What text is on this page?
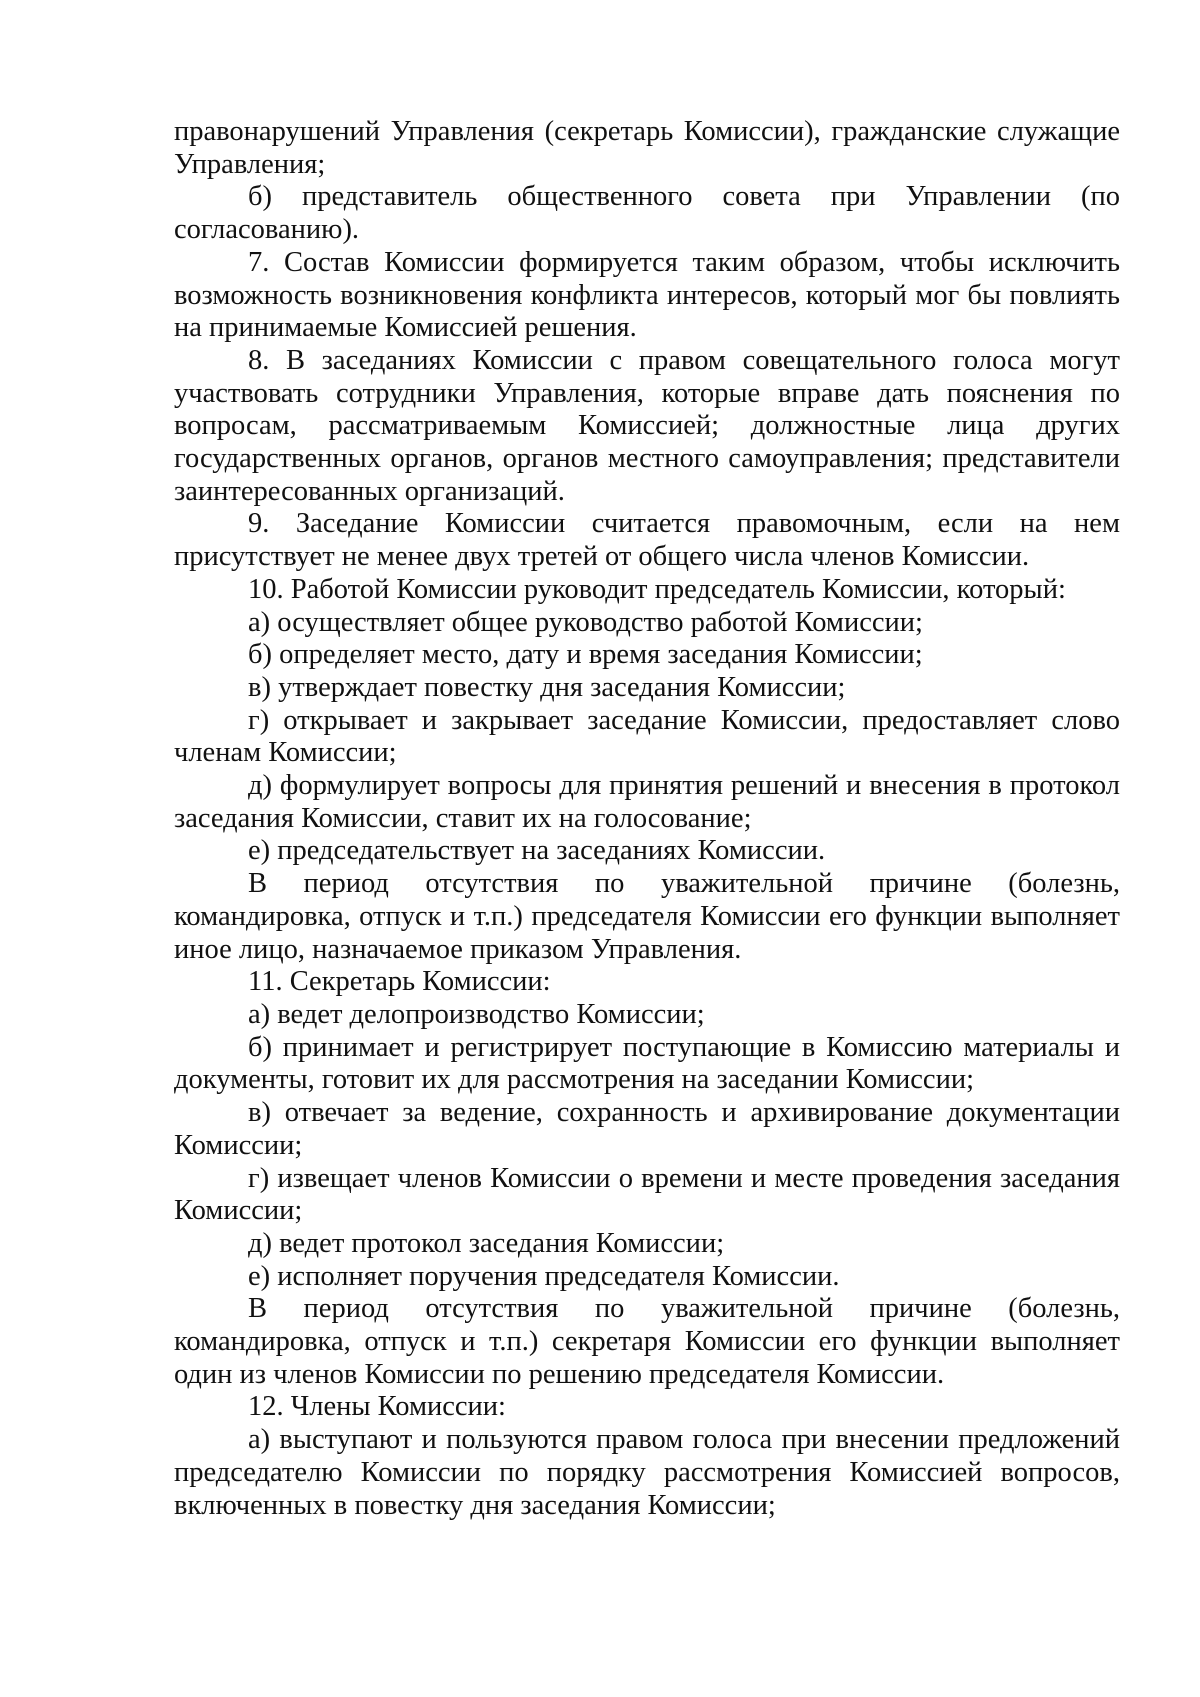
правонарушений Управления (секретарь Комиссии), гражданские служащие Управления;

б) представитель общественного совета при Управлении (по согласованию).

7. Состав Комиссии формируется таким образом, чтобы исключить возможность возникновения конфликта интересов, который мог бы повлиять на принимаемые Комиссией решения.

8. В заседаниях Комиссии с правом совещательного голоса могут участвовать сотрудники Управления, которые вправе дать пояснения по вопросам, рассматриваемым Комиссией; должностные лица других государственных органов, органов местного самоуправления; представители заинтересованных организаций.

9. Заседание Комиссии считается правомочным, если на нем присутствует не менее двух третей от общего числа членов Комиссии.

10. Работой Комиссии руководит председатель Комиссии, который:

а) осуществляет общее руководство работой Комиссии;

б) определяет место, дату и время заседания Комиссии;

в) утверждает повестку дня заседания Комиссии;

г) открывает и закрывает заседание Комиссии, предоставляет слово членам Комиссии;

д) формулирует вопросы для принятия решений и внесения в протокол заседания Комиссии, ставит их на голосование;

е) председательствует на заседаниях Комиссии.

В период отсутствия по уважительной причине (болезнь, командировка, отпуск и т.п.) председателя Комиссии его функции выполняет иное лицо, назначаемое приказом Управления.

11. Секретарь Комиссии:

а) ведет делопроизводство Комиссии;

б) принимает и регистрирует поступающие в Комиссию материалы и документы, готовит их для рассмотрения на заседании Комиссии;

в) отвечает за ведение, сохранность и архивирование документации Комиссии;

г) извещает членов Комиссии о времени и месте проведения заседания Комиссии;

д) ведет протокол заседания Комиссии;

е) исполняет поручения председателя Комиссии.

В период отсутствия по уважительной причине (болезнь, командировка, отпуск и т.п.) секретаря Комиссии его функции выполняет один из членов Комиссии по решению председателя Комиссии.

12. Члены Комиссии:

а) выступают и пользуются правом голоса при внесении предложений председателю Комиссии по порядку рассмотрения Комиссией вопросов, включенных в повестку дня заседания Комиссии;
